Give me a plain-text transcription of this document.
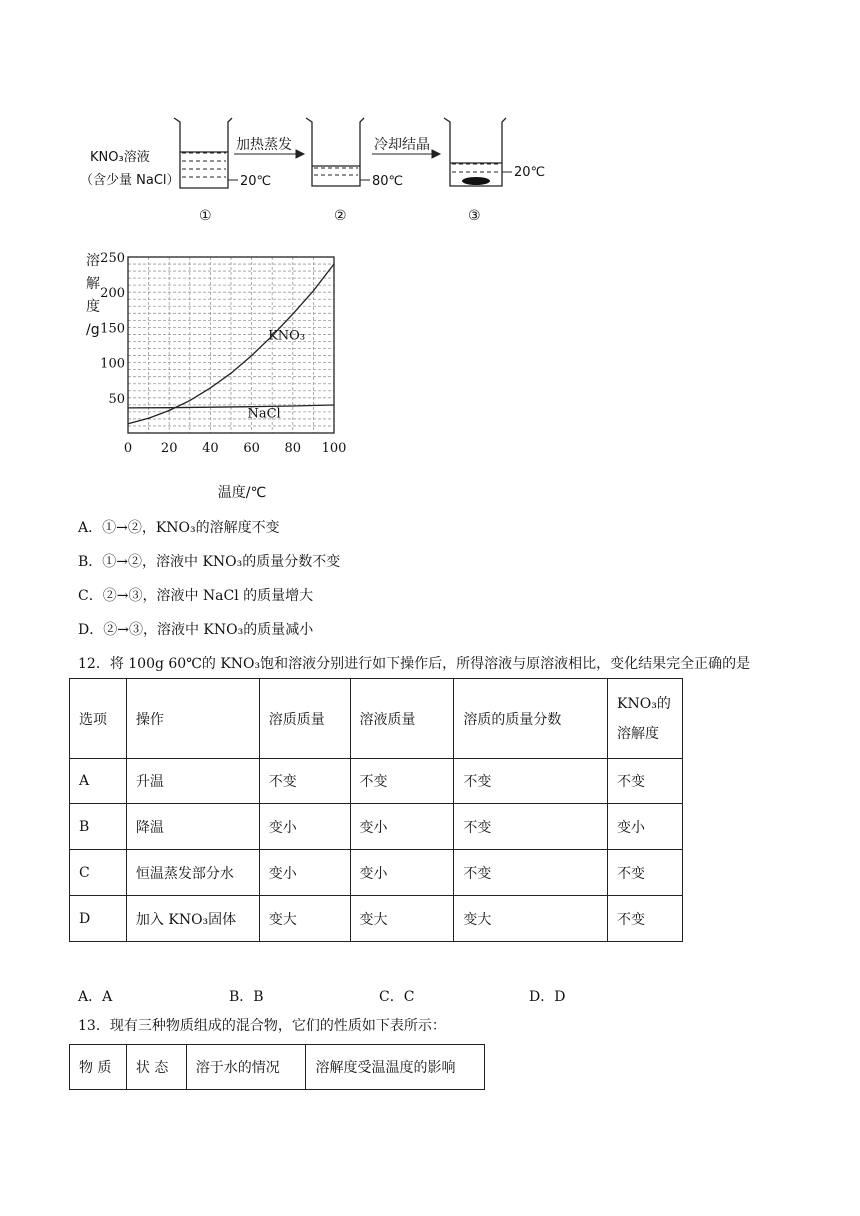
KNO₃溶液
（含少量 NaCl）	20℃
加热蒸发
80℃
冷却结晶
20℃
①	②	③
溶
解
度
/g
0 20 40 60 80 100
50
100
150
200
250
KNO₃
NaCl
温度/℃
A．①→②，KNO₃的溶解度不变
B．①→②，溶液中 KNO₃的质量分数不变
C．②→③，溶液中 NaCl 的质量增大
D．②→③，溶液中 KNO₃的质量减小
12．将 100g 60℃的 KNO₃饱和溶液分别进行如下操作后，所得溶液与原溶液相比，变化结果完全正确的是
选项	操作	溶质质量	溶液质量	溶质的质量分数	KNO₃的
溶解度
A	升温	不变	不变	不变	不变
B	降温	变小	变小	不变	变小
C	恒温蒸发部分水	变小	变小	不变	不变
D	加入 KNO₃固体	变大	变大	变大	不变
A．A	B．B	C．C	D．D
13．现有三种物质组成的混合物，它们的性质如下表所示：
物 质	状 态	溶于水的情况	溶解度受温温度的影响
